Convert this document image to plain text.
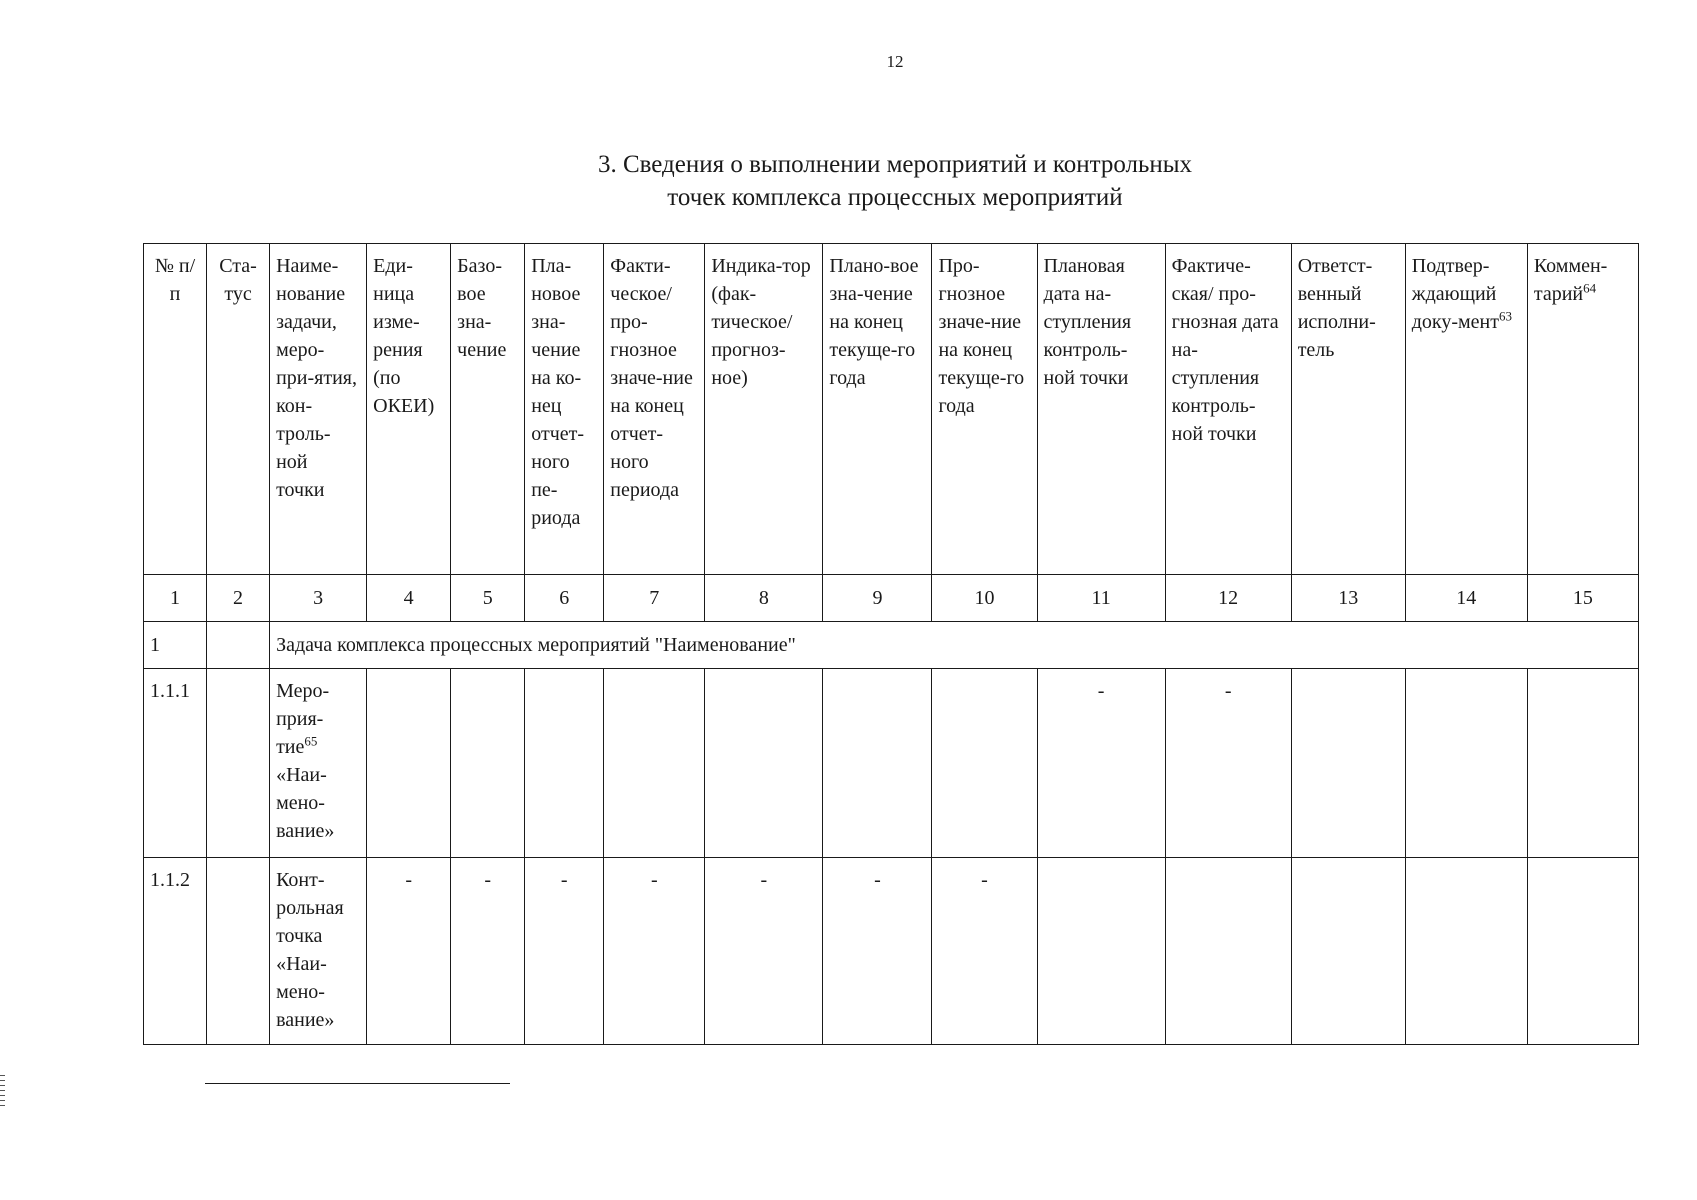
12
3. Сведения о выполнении мероприятий и контрольных
точек комплекса процессных мероприятий
№ п/п	Ста-тус	Наиме-нование задачи, меро-при-ятия, кон-троль-ной точки	Еди-ница изме-рения (по ОКЕИ)	Базо-вое зна-чение	Пла-новое зна-чение на ко-нец отчет-ного пе-риода	Факти-ческое/ про-гнозное значе-ние на конец отчет-ного периода	Индика-тор (фак-тическое/ прогноз-ное)	Плано-вое зна-чение на конец текуще-го года	Про-гнозное значе-ние на конец текуще-го года	Плановая дата на-ступления контроль-ной точки	Фактиче-ская/ про-гнозная дата на-ступления контроль-ной точки	Ответст-венный исполни-тель	Подтвер-ждающий доку-мент$^{63}$	Коммен-тарий$^{64}$
1	2	3	4	5	6	7	8	9	10	11	12	13	14	15
1		Задача комплекса процессных мероприятий "Наименование"												
1.1.1		Меро-прия-тие$^{65}$ «Наи-мено-вание»								-	-			
1.1.2		Конт-рольная точка «Наи-мено-вание»	-	-	-	-	-	-	-					
